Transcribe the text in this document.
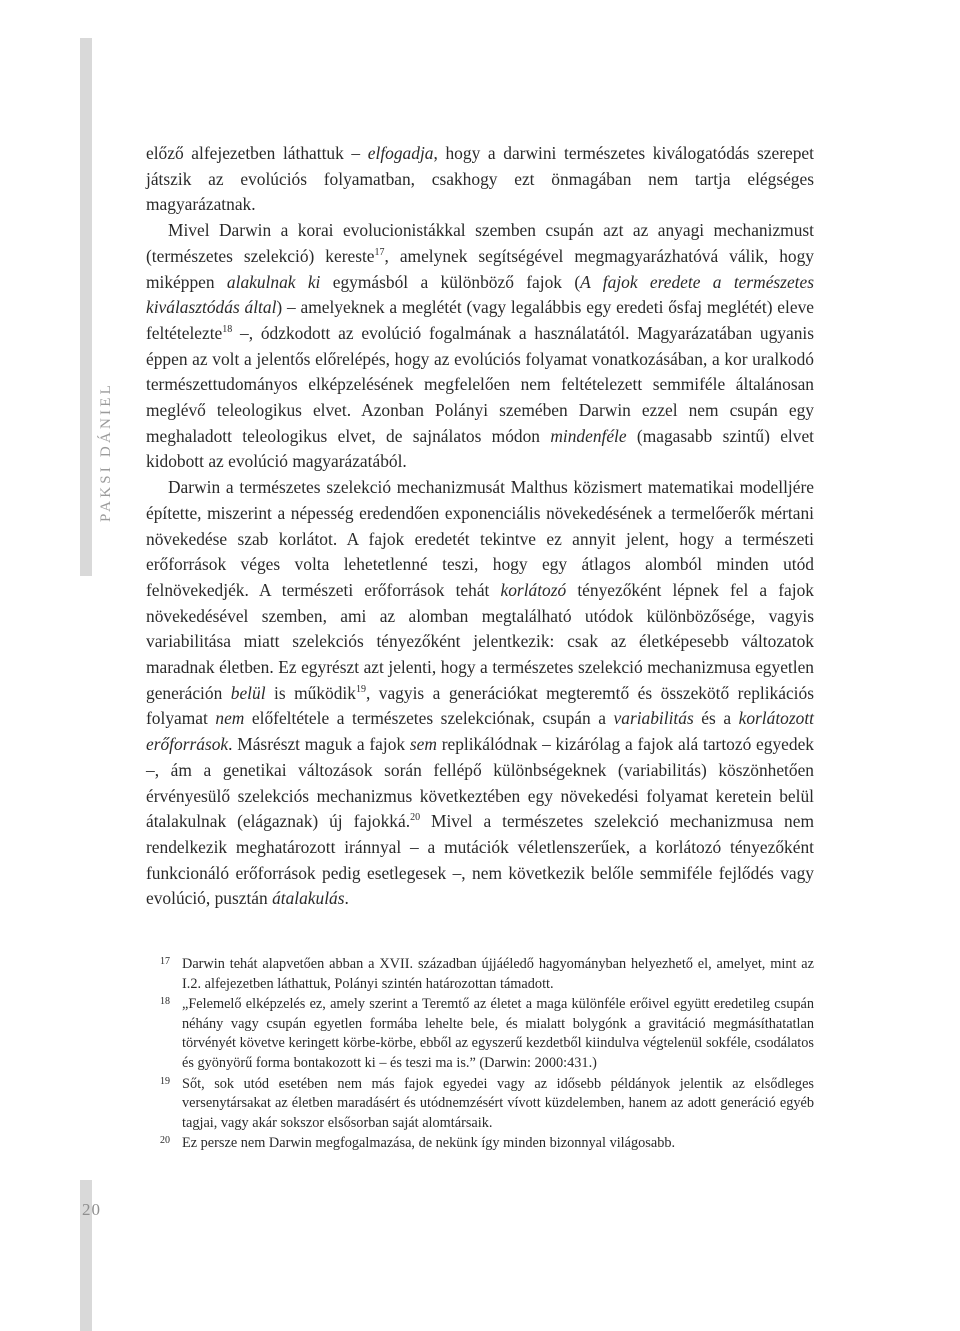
PAKSI DÁNIEL
20

előző alfejezetben láthattuk – elfogadja, hogy a darwini természetes kiválogatódás szerepet játszik az evolúciós folyamatban, csakhogy ezt önmagában nem tartja elégséges magyarázatnak.

Mivel Darwin a korai evolucionistákkal szemben csupán azt az anyagi mechanizmust (természetes szelekció) kereste$^{17}$, amelynek segítségével megmagyarázhatóvá válik, hogy miképpen alakulnak ki egymásból a különböző fajok (A fajok eredete a természetes kiválasztódás által) – amelyeknek a meglétét (vagy legalábbis egy eredeti ősfaj meglétét) eleve feltételezte$^{18}$ –, ódzkodott az evolúció fogalmának a használatától. Magyarázatában ugyanis éppen az volt a jelentős előrelépés, hogy az evolúciós folyamat vonatkozásában, a kor uralkodó természettudományos elképzelésének megfelelően nem feltételezett semmiféle általánosan meglévő teleologikus elvet. Azonban Polányi szemében Darwin ezzel nem csupán egy meghaladott teleologikus elvet, de sajnálatos módon mindenféle (magasabb szintű) elvet kidobott az evolúció magyarázatából.

Darwin a természetes szelekció mechanizmusát Malthus közismert matematikai modelljére építette, miszerint a népesség eredendően exponenciális növekedésének a termelőerők mértani növekedése szab korlátot. A fajok eredetét tekintve ez annyit jelent, hogy a természeti erőforrások véges volta lehetetlenné teszi, hogy egy átlagos alomból minden utód felnövekedjék. A természeti erőforrások tehát korlátozó tényezőként lépnek fel a fajok növekedésével szemben, ami az alomban megtalálható utódok különbözősége, vagyis variabilitása miatt szelekciós tényezőként jelentkezik: csak az életképesebb változatok maradnak életben. Ez egyrészt azt jelenti, hogy a természetes szelekció mechanizmusa egyetlen generáción belül is működik$^{19}$, vagyis a generációkat megteremtő és összekötő replikációs folyamat nem előfeltétele a természetes szelekciónak, csupán a variabilitás és a korlátozott erőforrások. Másrészt maguk a fajok sem replikálódnak – kizárólag a fajok alá tartozó egyedek –, ám a genetikai változások során fellépő különbségeknek (variabilitás) köszönhetően érvényesülő szelekciós mechanizmus következtében egy növekedési folyamat keretein belül átalakulnak (elágaznak) új fajokká.$^{20}$ Mivel a természetes szelekció mechanizmusa nem rendelkezik meghatározott iránnyal – a mutációk véletlenszerűek, a korlátozó tényezőként funkcionáló erőforrások pedig esetlegesek –, nem következik belőle semmiféle fejlődés vagy evolúció, pusztán átalakulás.

17 Darwin tehát alapvetően abban a XVII. században újjáéledő hagyományban helyezhető el, amelyet, mint az I.2. alfejezetben láthattuk, Polányi szintén határozottan támadott.
18 „Felemelő elképzelés ez, amely szerint a Teremtő az életet a maga különféle erőivel együtt eredetileg csupán néhány vagy csupán egyetlen formába lehelte bele, és mialatt bolygónk a gravitáció megmásíthatatlan törvényét követve keringett körbe-körbe, ebből az egyszerű kezdetből kiindulva végtelenül sokféle, csodálatos és gyönyörű forma bontakozott ki – és teszi ma is.” (Darwin: 2000:431.)
19 Sőt, sok utód esetében nem más fajok egyedei vagy az idősebb példányok jelentik az elsődleges versenytársakat az életben maradásért és utódnemzésért vívott küzdelemben, hanem az adott generáció egyéb tagjai, vagy akár sokszor elsősorban saját alomtársaik.
20 Ez persze nem Darwin megfogalmazása, de nekünk így minden bizonnyal világosabb.
